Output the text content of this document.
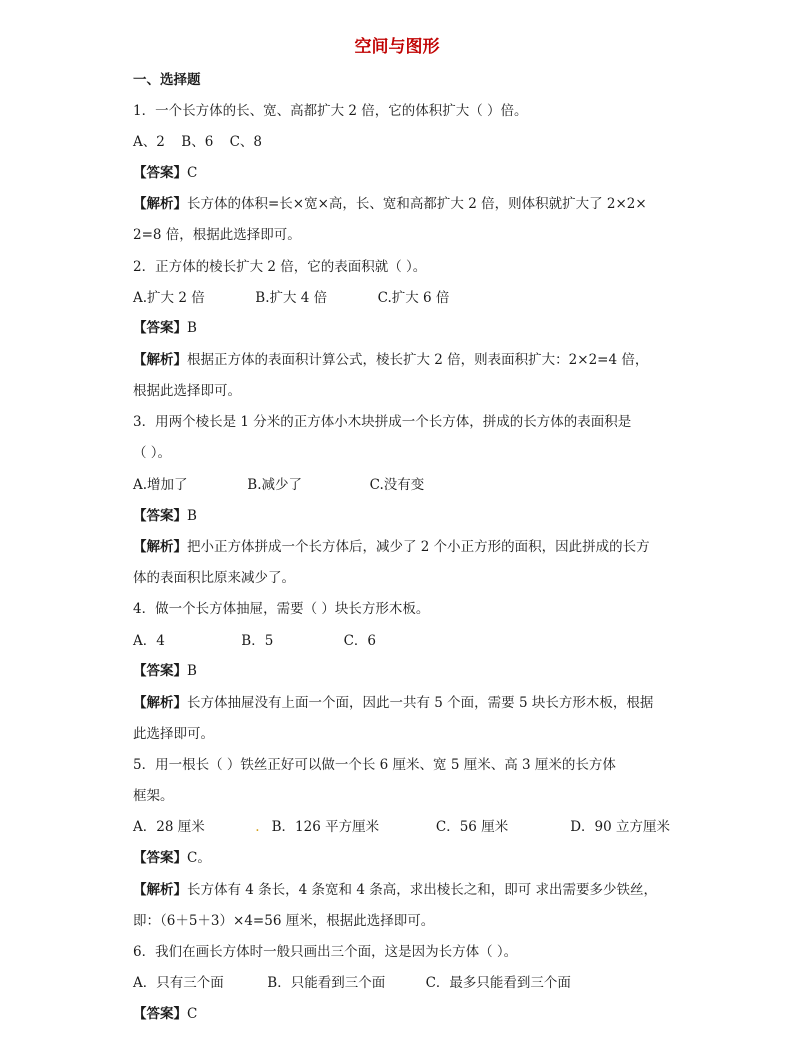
空间与图形
一、选择题
1．一个长方体的长、宽、高都扩大 2 倍，它的体积扩大（ ）倍。
A、2 B、6 C、8
【答案】C
【解析】长方体的体积=长×宽×高，长、宽和高都扩大 2 倍，则体积就扩大了 2×2×
2=8 倍，根据此选择即可。
2．正方体的棱长扩大 2 倍，它的表面积就（ ）。
A.扩大 2 倍	B.扩大 4 倍	C.扩大 6 倍
【答案】B
【解析】根据正方体的表面积计算公式，棱长扩大 2 倍，则表面积扩大：2×2=4 倍，
根据此选择即可。
3．用两个棱长是 1 分米的正方体小木块拼成一个长方体，拼成的长方体的表面积是
（ ）。
A.增加了	B.减少了	C.没有变
【答案】B
【解析】把小正方体拼成一个长方体后，减少了 2 个小正方形的面积，因此拼成的长方
体的表面积比原来减少了。
4．做一个长方体抽屉，需要（ ）块长方形木板。
A．4	B．5	C．6
【答案】B
【解析】长方体抽屉没有上面一个面，因此一共有 5 个面，需要 5 块长方形木板，根据
此选择即可。
5．用一根长（ ）铁丝正好可以做一个长 6 厘米、宽 5 厘米、高 3 厘米的长方体
框架。
A．28 厘米	. B．126 平方厘米	C．56 厘米	D．90 立方厘米
【答案】C。
【解析】长方体有 4 条长，4 条宽和 4 条高，求出棱长之和，即可 求出需要多少铁丝，
即：（6＋5＋3）×4=56 厘米，根据此选择即可。
6．我们在画长方体时一般只画出三个面，这是因为长方体（ ）。
A．只有三个面	B．只能看到三个面	C．最多只能看到三个面
【答案】C
